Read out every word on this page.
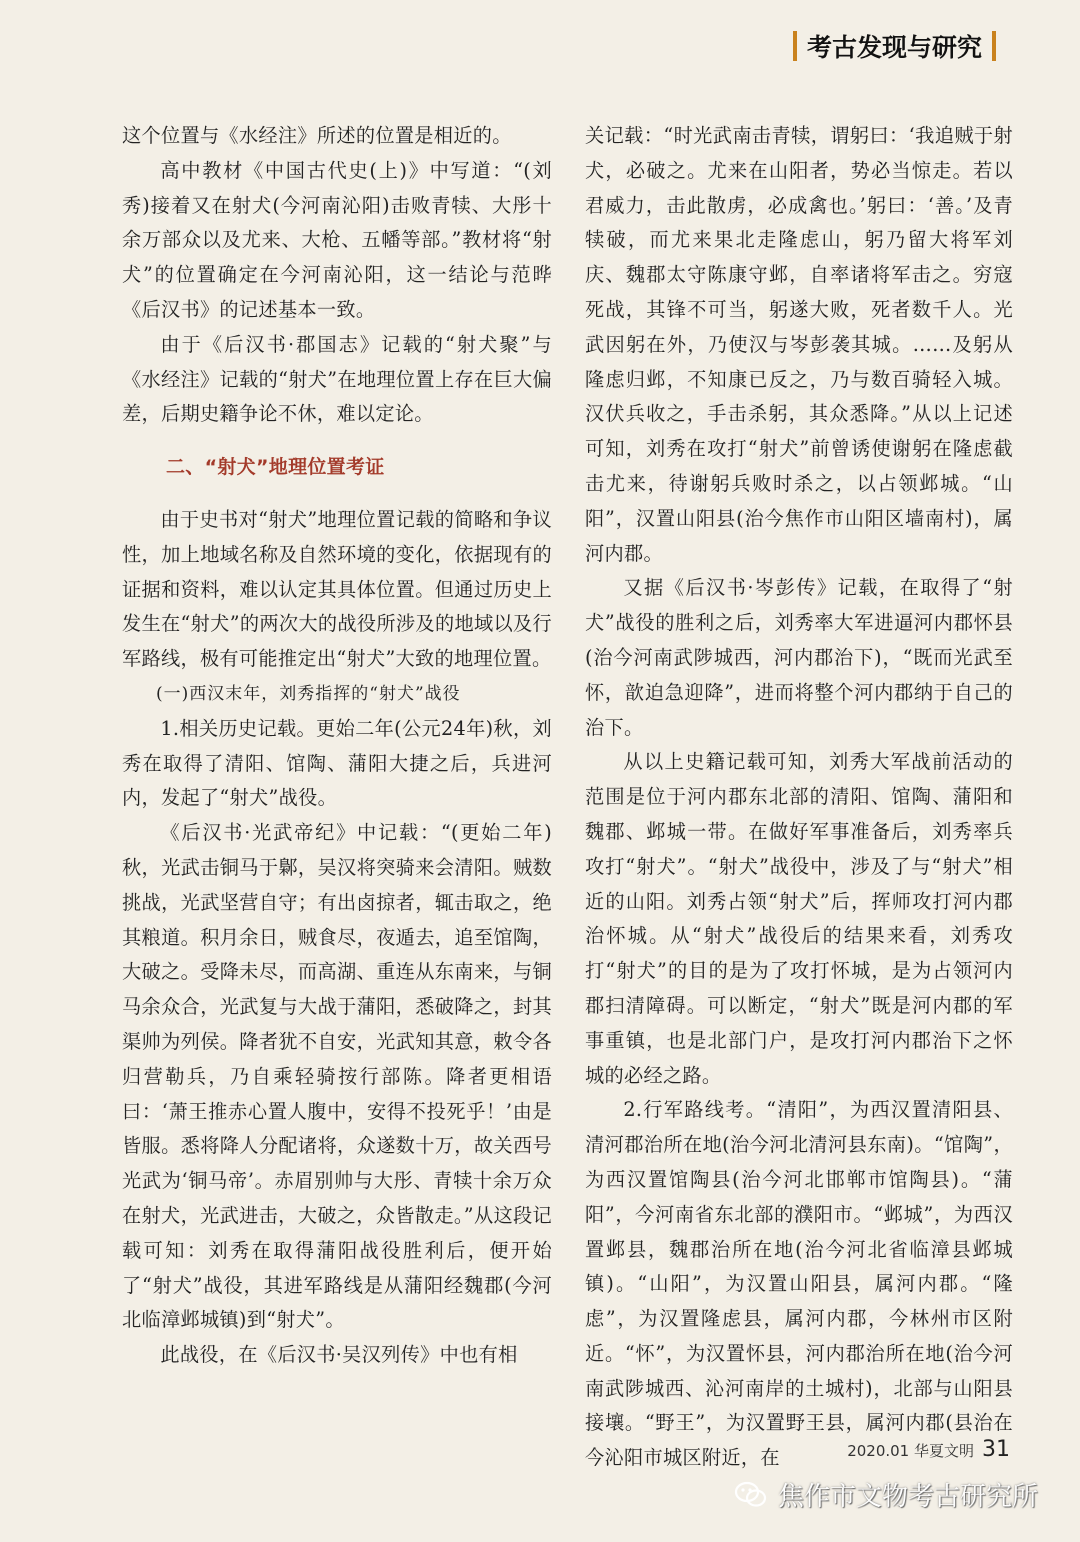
考古发现与研究

这个位置与《水经注》所述的位置是相近的。

高中教材《中国古代史(上)》中写道：“(刘秀)接着又在射犬(今河南沁阳)击败青犊、大彤十余万部众以及尤来、大枪、五幡等部。”教材将“射犬”的位置确定在今河南沁阳，这一结论与范晔《后汉书》的记述基本一致。

由于《后汉书·郡国志》记载的“射犬聚”与《水经注》记载的“射犬”在地理位置上存在巨大偏差，后期史籍争论不休，难以定论。

二、“射犬”地理位置考证

由于史书对“射犬”地理位置记载的简略和争议性，加上地域名称及自然环境的变化，依据现有的证据和资料，难以认定其具体位置。但通过历史上发生在“射犬”的两次大的战役所涉及的地域以及行军路线，极有可能推定出“射犬”大致的地理位置。

(一)西汉末年，刘秀指挥的“射犬”战役

1.相关历史记载。更始二年(公元24年)秋，刘秀在取得了清阳、馆陶、蒲阳大捷之后，兵进河内，发起了“射犬”战役。

《后汉书·光武帝纪》中记载：“(更始二年)秋，光武击铜马于鄡，吴汉将突骑来会清阳。贼数挑战，光武坚营自守；有出卤掠者，辄击取之，绝其粮道。积月余日，贼食尽，夜遁去，追至馆陶，大破之。受降未尽，而高湖、重连从东南来，与铜马余众合，光武复与大战于蒲阳，悉破降之，封其渠帅为列侯。降者犹不自安，光武知其意，敕令各归营勒兵，乃自乘轻骑按行部陈。降者更相语曰：‘萧王推赤心置人腹中，安得不投死乎！’由是皆服。悉将降人分配诸将，众遂数十万，故关西号光武为‘铜马帝’。赤眉别帅与大彤、青犊十余万众在射犬，光武进击，大破之，众皆散走。”从这段记载可知：刘秀在取得蒲阳战役胜利后，便开始了“射犬”战役，其进军路线是从蒲阳经魏郡(今河北临漳邺城镇)到“射犬”。

此战役，在《后汉书·吴汉列传》中也有相

关记载：“时光武南击青犊，谓躬曰：‘我追贼于射犬，必破之。尤来在山阳者，势必当惊走。若以君威力，击此散虏，必成禽也。’躬曰：‘善。’及青犊破，而尤来果北走隆虑山，躬乃留大将军刘庆、魏郡太守陈康守邺，自率诸将军击之。穷寇死战，其锋不可当，躬遂大败，死者数千人。光武因躬在外，乃使汉与岑彭袭其城。……及躬从隆虑归邺，不知康已反之，乃与数百骑轻入城。汉伏兵收之，手击杀躬，其众悉降。”从以上记述可知，刘秀在攻打“射犬”前曾诱使谢躬在隆虑截击尤来，待谢躬兵败时杀之，以占领邺城。“山阳”，汉置山阳县(治今焦作市山阳区墙南村)，属河内郡。

又据《后汉书·岑彭传》记载，在取得了“射犬”战役的胜利之后，刘秀率大军进逼河内郡怀县(治今河南武陟城西，河内郡治下)，“既而光武至怀，歆迫急迎降”，进而将整个河内郡纳于自己的治下。

从以上史籍记载可知，刘秀大军战前活动的范围是位于河内郡东北部的清阳、馆陶、蒲阳和魏郡、邺城一带。在做好军事准备后，刘秀率兵攻打“射犬”。“射犬”战役中，涉及了与“射犬”相近的山阳。刘秀占领“射犬”后，挥师攻打河内郡治怀城。从“射犬”战役后的结果来看，刘秀攻打“射犬”的目的是为了攻打怀城，是为占领河内郡扫清障碍。可以断定，“射犬”既是河内郡的军事重镇，也是北部门户，是攻打河内郡治下之怀城的必经之路。

2.行军路线考。“清阳”，为西汉置清阳县、清河郡治所在地(治今河北清河县东南)。“馆陶”，为西汉置馆陶县(治今河北邯郸市馆陶县)。“蒲阳”，今河南省东北部的濮阳市。“邺城”，为西汉置邺县，魏郡治所在地(治今河北省临漳县邺城镇)。“山阳”，为汉置山阳县，属河内郡。“隆虑”，为汉置隆虑县，属河内郡，今林州市区附近。“怀”，为汉置怀县，河内郡治所在地(治今河南武陟城西、沁河南岸的土城村)，北部与山阳县接壤。“野王”，为汉置野王县，属河内郡(县治在今沁阳市城区附近，在	2020.01 华夏文明 31
焦作市文物考古研究所
